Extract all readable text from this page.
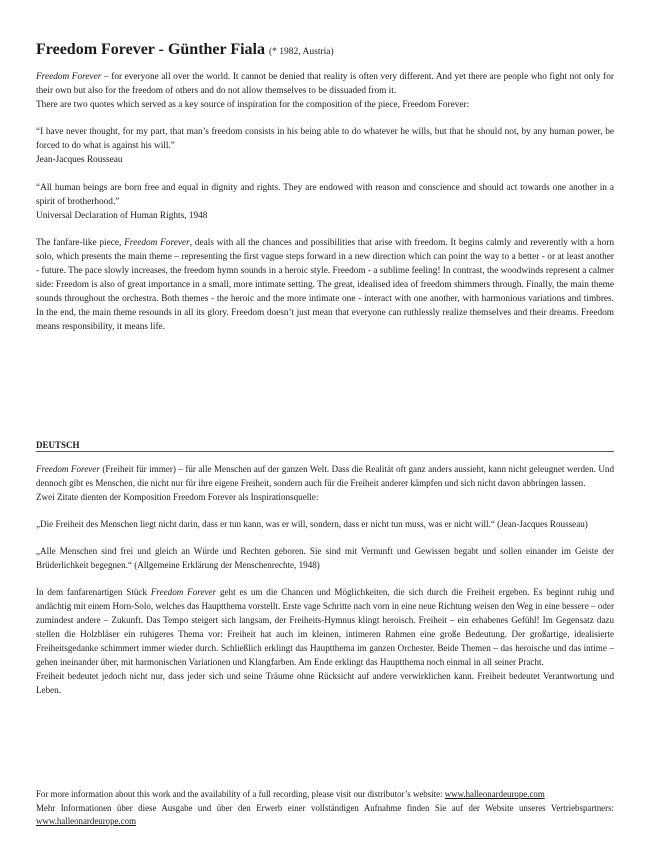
Freedom Forever - Günther Fiala (* 1982, Austria)

Freedom Forever – for everyone all over the world. It cannot be denied that reality is often very different. And yet there are people who fight not only for their own but also for the freedom of others and do not allow themselves to be dissuaded from it.

There are two quotes which served as a key source of inspiration for the composition of the piece, Freedom Forever:

“I have never thought, for my part, that man’s freedom consists in his being able to do whatever he wills, but that he should not, by any human power, be forced to do what is against his will.”

Jean-Jacques Rousseau

“All human beings are born free and equal in dignity and rights. They are endowed with reason and conscience and should act towards one another in a spirit of brotherhood.”

Universal Declaration of Human Rights, 1948

The fanfare-like piece, Freedom Forever, deals with all the chances and possibilities that arise with freedom. It begins calmly and reverently with a horn solo, which presents the main theme – representing the first vague steps forward in a new direction which can point the way to a better - or at least another - future. The pace slowly increases, the freedom hymn sounds in a heroic style. Freedom - a sublime feeling! In contrast, the woodwinds represent a calmer side: Freedom is also of great importance in a small, more intimate setting. The great, idealised idea of freedom shimmers through. Finally, the main theme sounds throughout the orchestra. Both themes - the heroic and the more intimate one - interact with one another, with harmonious variations and timbres. In the end, the main theme resounds in all its glory. Freedom doesn’t just mean that everyone can ruthlessly realize themselves and their dreams. Freedom means responsibility, it means life.

DEUTSCH

Freedom Forever (Freiheit für immer) – für alle Menschen auf der ganzen Welt. Dass die Realität oft ganz anders aussieht, kann nicht geleugnet werden. Und dennoch gibt es Menschen, die nicht nur für ihre eigene Freiheit, sondern auch für die Freiheit anderer kämpfen und sich nicht davon abbringen lassen.

Zwei Zitate dienten der Komposition Freedom Forever als Inspirationsquelle:

„Die Freiheit des Menschen liegt nicht darin, dass er tun kann, was er will, sondern, dass er nicht tun muss, was er nicht will.“ (Jean-Jacques Rousseau)

„Alle Menschen sind frei und gleich an Würde und Rechten geboren. Sie sind mit Vernunft und Gewissen begabt und sollen einander im Geiste der Brüderlichkeit begegnen.“ (Allgemeine Erklärung der Menschenrechte, 1948)

In dem fanfarenartigen Stück Freedom Forever geht es um die Chancen und Möglichkeiten, die sich durch die Freiheit ergeben. Es beginnt ruhig und andächtig mit einem Horn-Solo, welches das Hauptthema vorstellt. Erste vage Schritte nach vorn in eine neue Richtung weisen den Weg in eine bessere – oder zumindest andere – Zukunft. Das Tempo steigert sich langsam, der Freiheits-Hymnus klingt heroisch. Freiheit – ein erhabenes Gefühl! Im Gegensatz dazu stellen die Holzbläser ein ruhigeres Thema vor: Freiheit hat auch im kleinen, intimeren Rahmen eine große Bedeutung. Der großartige, idealisierte Freiheitsgedanke schimmert immer wieder durch. Schließlich erklingt das Hauptthema im ganzen Orchester. Beide Themen – das heroische und das intime – gehen ineinander über, mit harmonischen Variationen und Klangfarben. Am Ende erklingt das Hauptthema noch einmal in all seiner Pracht.

Freiheit bedeutet jedoch nicht nur, dass jeder sich und seine Träume ohne Rücksicht auf andere verwirklichen kann. Freiheit bedeutet Verantwortung und Leben.

For more information about this work and the availability of a full recording, please visit our distributor’s website: www.halleonardeurope.com

Mehr Informationen über diese Ausgabe und über den Erwerb einer vollständigen Aufnahme finden Sie auf der Website unseres Vertriebspartners: www.halleonardeurope.com
